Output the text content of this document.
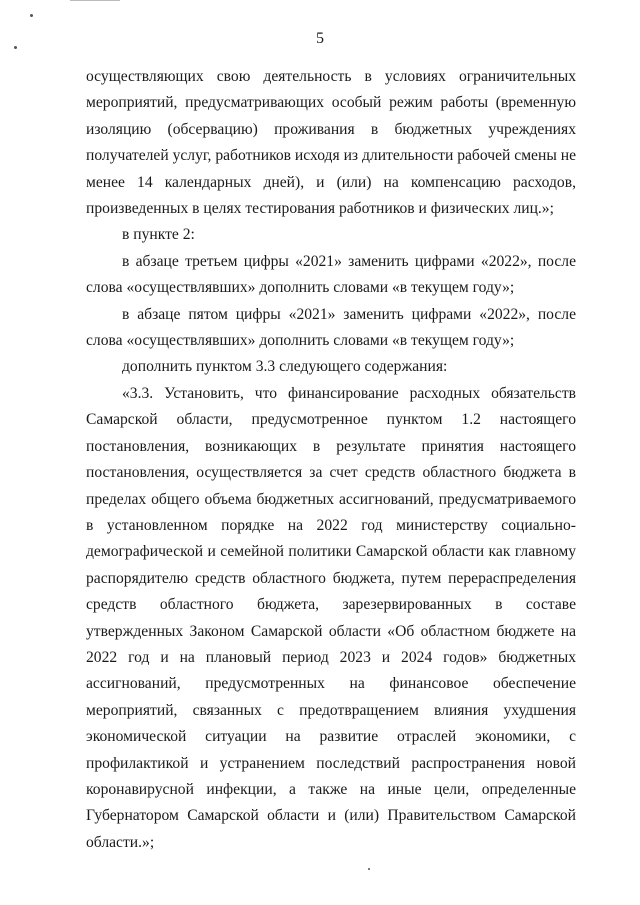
5

осуществляющих свою деятельность в условиях ограничительных мероприятий, предусматривающих особый режим работы (временную изоляцию (обсервацию) проживания в бюджетных учреждениях получателей услуг, работников исходя из длительности рабочей смены не менее 14 календарных дней), и (или) на компенсацию расходов, произведенных в целях тестирования работников и физических лиц.»;

в пункте 2:

в абзаце третьем цифры «2021» заменить цифрами «2022», после слова «осуществлявших» дополнить словами «в текущем году»;

в абзаце пятом цифры «2021» заменить цифрами «2022», после слова «осуществлявших» дополнить словами «в текущем году»;

дополнить пунктом 3.3 следующего содержания:

«3.3. Установить, что финансирование расходных обязательств Самарской области, предусмотренное пунктом 1.2 настоящего постановления, возникающих в результате принятия настоящего постановления, осуществляется за счет средств областного бюджета в пределах общего объема бюджетных ассигнований, предусматриваемого в установленном порядке на 2022 год министерству социально-демографической и семейной политики Самарской области как главному распорядителю средств областного бюджета, путем перераспределения средств областного бюджета, зарезервированных в составе утвержденных Законом Самарской области «Об областном бюджете на 2022 год и на плановый период 2023 и 2024 годов» бюджетных ассигнований, предусмотренных на финансовое обеспечение мероприятий, связанных с предотвращением влияния ухудшения экономической ситуации на развитие отраслей экономики, с профилактикой и устранением последствий распространения новой коронавирусной инфекции, а также на иные цели, определенные Губернатором Самарской области и (или) Правительством Самарской области.»;
